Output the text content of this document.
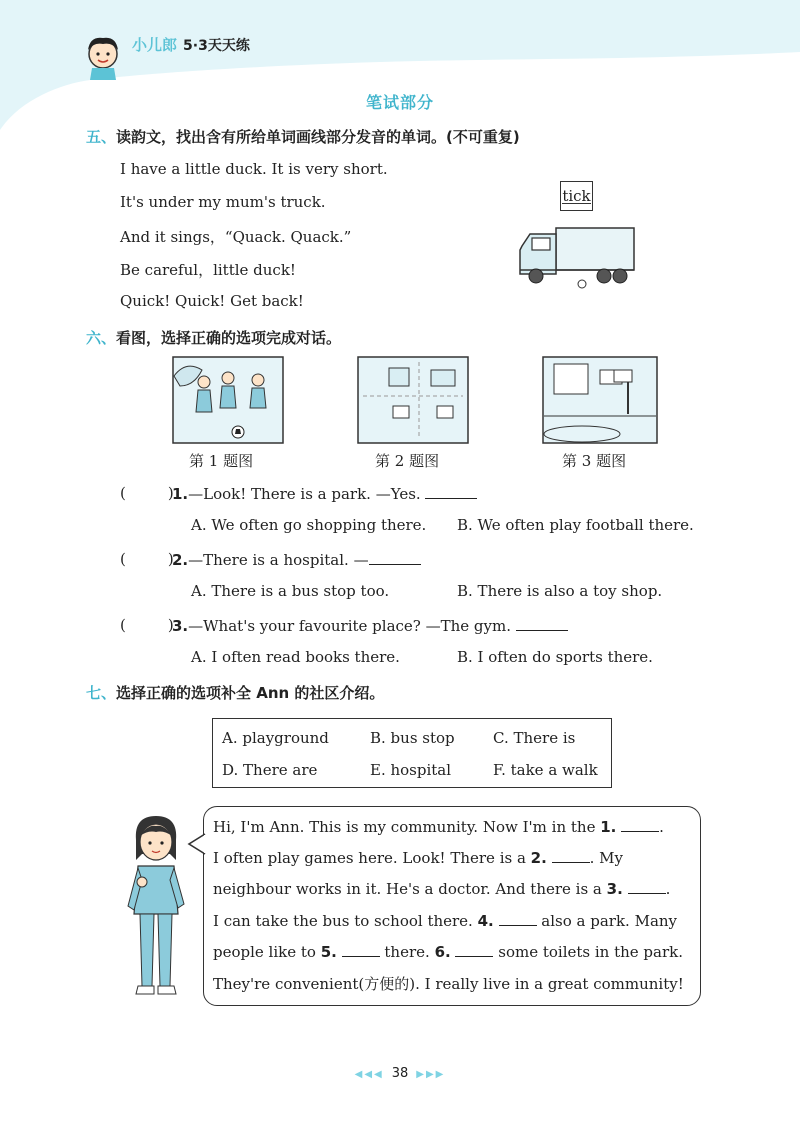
小儿郎 5·3天天练
笔试部分
五、读韵文，找出含有所给单词画线部分发音的单词。(不可重复)
I have a little duck. It is very short.
It's under my mum's truck.
And it sings，“Quack. Quack.”
Be careful，little duck!
Quick! Quick! Get back!
tick
六、看图，选择正确的选项完成对话。
第 1 题图	第 2 题图	第 3 题图
(	)
1.—Look! There is a park. —Yes.
A. We often go shopping there. B. We often play football there.
(	)
2.—There is a hospital. —
A. There is a bus stop too.	B. There is also a toy shop.
(	)
3.—What's your favourite place? —The gym.
A. I often read books there.	B. I often do sports there.
七、选择正确的选项补全 Ann 的社区介绍。
A. playground	B. bus stop	C. There is
D. There are	E. hospital	F. take a walk
Hi, I'm Ann. This is my community. Now I'm in the 1.	.
I often play games here. Look! There is a 2.	. My
neighbour works in it. He's a doctor. And there is a 3.	.
I can take the bus to school there. 4.	also a park. Many
people like to 5.	there. 6.	some toilets in the park.
They're convenient(方便的). I really live in a great community!
◀◀◀ 38 ▶▶▶
